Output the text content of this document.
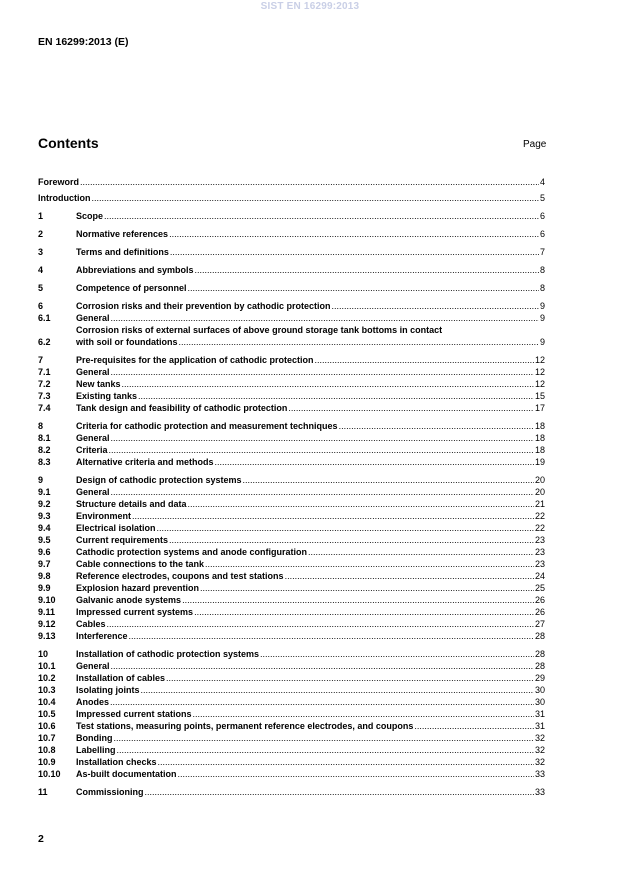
SIST EN 16299:2013
EN 16299:2013 (E)
Contents	Page
Foreword .....	4
Introduction .....	5
1	Scope .....	6
2	Normative references .....	6
3	Terms and definitions .....	7
4	Abbreviations and symbols .....	8
5	Competence of personnel .....	8
6	Corrosion risks and their prevention by cathodic protection .....	9
6.1	General .....	9
Corrosion risks of external surfaces of above ground storage tank bottoms in contact
6.2	with soil or foundations .....	9
7	Pre-requisites for the application of cathodic protection .....	12
7.1	General .....	12
7.2	New tanks .....	12
7.3	Existing tanks .....	15
7.4	Tank design and feasibility of cathodic protection .....	17
8	Criteria for cathodic protection and measurement techniques .....	18
8.1	General .....	18
8.2	Criteria .....	18
8.3	Alternative criteria and methods .....	19
9	Design of cathodic protection systems .....	20
9.1	General .....	20
9.2	Structure details and data .....	21
9.3	Environment .....	22
9.4	Electrical isolation .....	22
9.5	Current requirements .....	23
9.6	Cathodic protection systems and anode configuration .....	23
9.7	Cable connections to the tank .....	23
9.8	Reference electrodes, coupons and test stations .....	24
9.9	Explosion hazard prevention .....	25
9.10	Galvanic anode systems .....	26
9.11	Impressed current systems .....	26
9.12	Cables .....	27
9.13	Interference .....	28
10	Installation of cathodic protection systems .....	28
10.1	General .....	28
10.2	Installation of cables .....	29
10.3	Isolating joints .....	30
10.4	Anodes .....	30
10.5	Impressed current stations .....	31
10.6	Test stations, measuring points, permanent reference electrodes, and coupons .....	31
10.7	Bonding .....	32
10.8	Labelling .....	32
10.9	Installation checks .....	32
10.10	As-built documentation .....	33
11	Commissioning .....	33
2
